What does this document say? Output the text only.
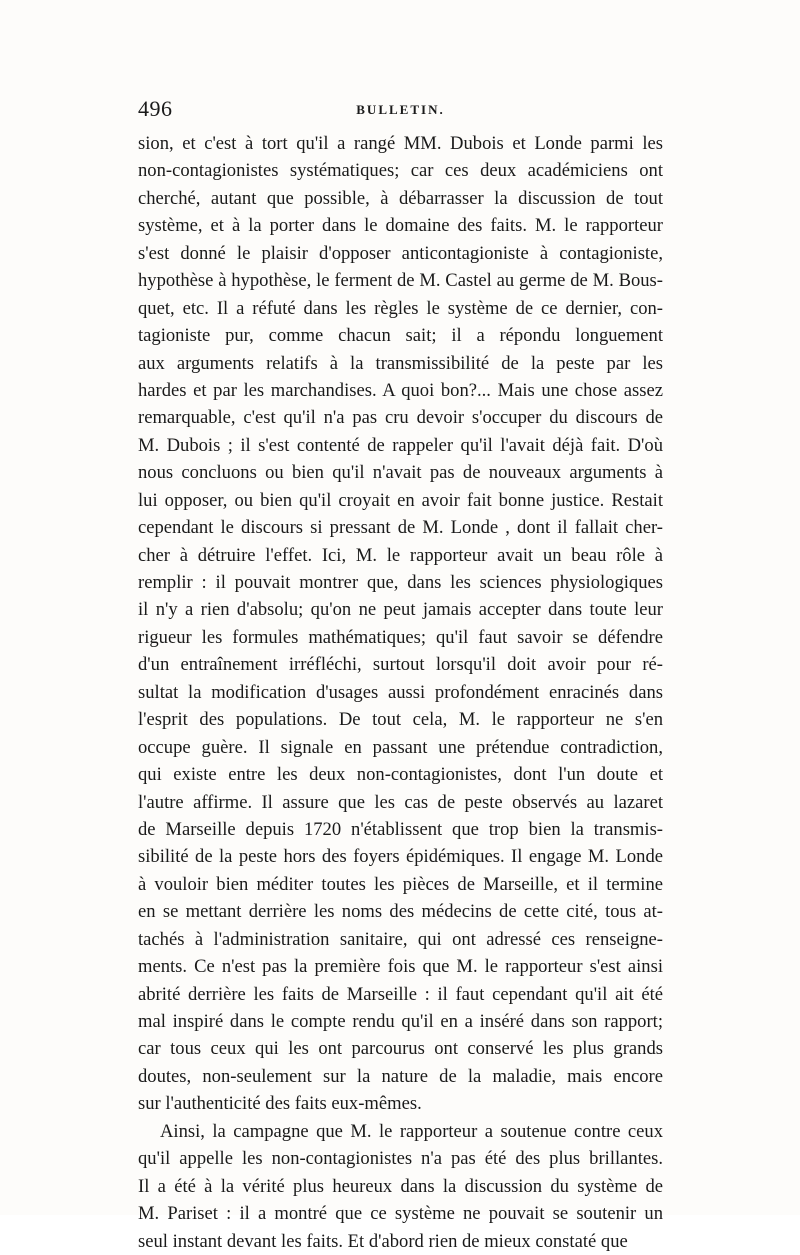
496	BULLETIN.
sion, et c'est à tort qu'il a rangé MM. Dubois et Londe parmi les
non-contagionistes systématiques; car ces deux académiciens ont
cherché, autant que possible, à débarrasser la discussion de tout
système, et à la porter dans le domaine des faits. M. le rapporteur
s'est donné le plaisir d'opposer anticontagioniste à contagioniste,
hypothèse à hypothèse, le ferment de M. Castel au germe de M. Bous-
quet, etc. Il a réfuté dans les règles le système de ce dernier, con-
tagioniste pur, comme chacun sait; il a répondu longuement
aux arguments relatifs à la transmissibilité de la peste par les
hardes et par les marchandises. A quoi bon?... Mais une chose assez
remarquable, c'est qu'il n'a pas cru devoir s'occuper du discours de
M. Dubois ; il s'est contenté de rappeler qu'il l'avait déjà fait. D'où
nous concluons ou bien qu'il n'avait pas de nouveaux arguments à
lui opposer, ou bien qu'il croyait en avoir fait bonne justice. Restait
cependant le discours si pressant de M. Londe , dont il fallait cher-
cher à détruire l'effet. Ici, M. le rapporteur avait un beau rôle à
remplir : il pouvait montrer que, dans les sciences physiologiques
il n'y a rien d'absolu; qu'on ne peut jamais accepter dans toute leur
rigueur les formules mathématiques; qu'il faut savoir se défendre
d'un entraînement irréfléchi, surtout lorsqu'il doit avoir pour ré-
sultat la modification d'usages aussi profondément enracinés dans
l'esprit des populations. De tout cela, M. le rapporteur ne s'en
occupe guère. Il signale en passant une prétendue contradiction,
qui existe entre les deux non-contagionistes, dont l'un doute et
l'autre affirme. Il assure que les cas de peste observés au lazaret
de Marseille depuis 1720 n'établissent que trop bien la transmis-
sibilité de la peste hors des foyers épidémiques. Il engage M. Londe
à vouloir bien méditer toutes les pièces de Marseille, et il termine
en se mettant derrière les noms des médecins de cette cité, tous at-
tachés à l'administration sanitaire, qui ont adressé ces renseigne-
ments. Ce n'est pas la première fois que M. le rapporteur s'est ainsi
abrité derrière les faits de Marseille : il faut cependant qu'il ait été
mal inspiré dans le compte rendu qu'il en a inséré dans son rapport;
car tous ceux qui les ont parcourus ont conservé les plus grands
doutes, non-seulement sur la nature de la maladie, mais encore
sur l'authenticité des faits eux-mêmes.
Ainsi, la campagne que M. le rapporteur a soutenue contre ceux
qu'il appelle les non-contagionistes n'a pas été des plus brillantes.
Il a été à la vérité plus heureux dans la discussion du système de
M. Pariset : il a montré que ce système ne pouvait se soutenir un
seul instant devant les faits. Et d'abord rien de mieux constaté que
